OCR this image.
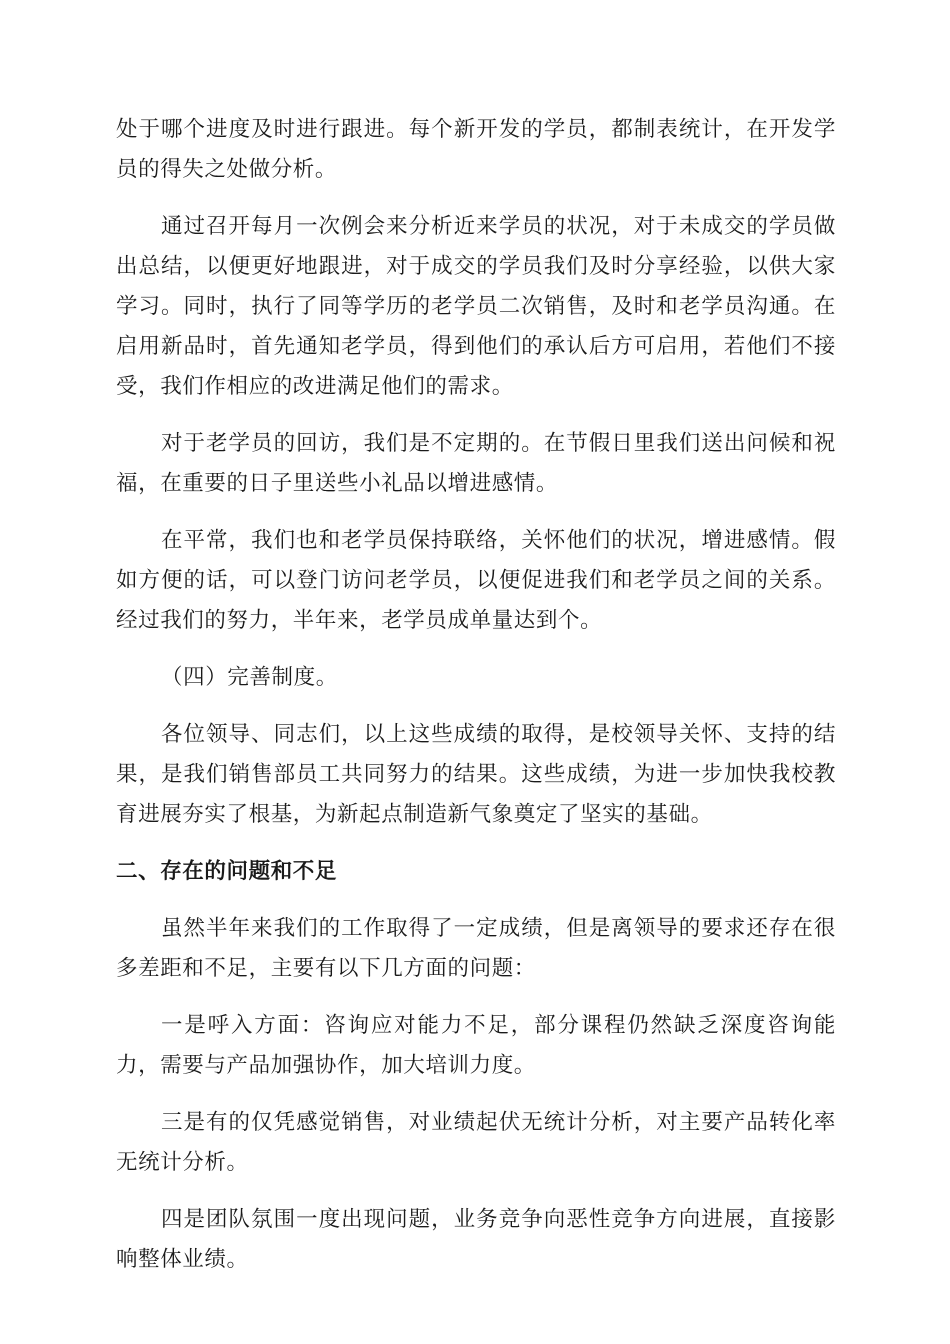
处于哪个进度及时进行跟进。每个新开发的学员，都制表统计，在开发学员的得失之处做分析。

通过召开每月一次例会来分析近来学员的状况，对于未成交的学员做出总结，以便更好地跟进，对于成交的学员我们及时分享经验，以供大家学习。同时，执行了同等学历的老学员二次销售，及时和老学员沟通。在启用新品时，首先通知老学员，得到他们的承认后方可启用，若他们不接受，我们作相应的改进满足他们的需求。

对于老学员的回访，我们是不定期的。在节假日里我们送出问候和祝福，在重要的日子里送些小礼品以增进感情。

在平常，我们也和老学员保持联络，关怀他们的状况，增进感情。假如方便的话，可以登门访问老学员，以便促进我们和老学员之间的关系。经过我们的努力，半年来，老学员成单量达到个。

（四）完善制度。

各位领导、同志们，以上这些成绩的取得，是校领导关怀、支持的结果，是我们销售部员工共同努力的结果。这些成绩，为进一步加快我校教育进展夯实了根基，为新起点制造新气象奠定了坚实的基础。

二、存在的问题和不足

虽然半年来我们的工作取得了一定成绩，但是离领导的要求还存在很多差距和不足，主要有以下几方面的问题：

一是呼入方面：咨询应对能力不足，部分课程仍然缺乏深度咨询能力，需要与产品加强协作，加大培训力度。

三是有的仅凭感觉销售，对业绩起伏无统计分析，对主要产品转化率无统计分析。

四是团队氛围一度出现问题，业务竞争向恶性竞争方向进展，直接影响整体业绩。
